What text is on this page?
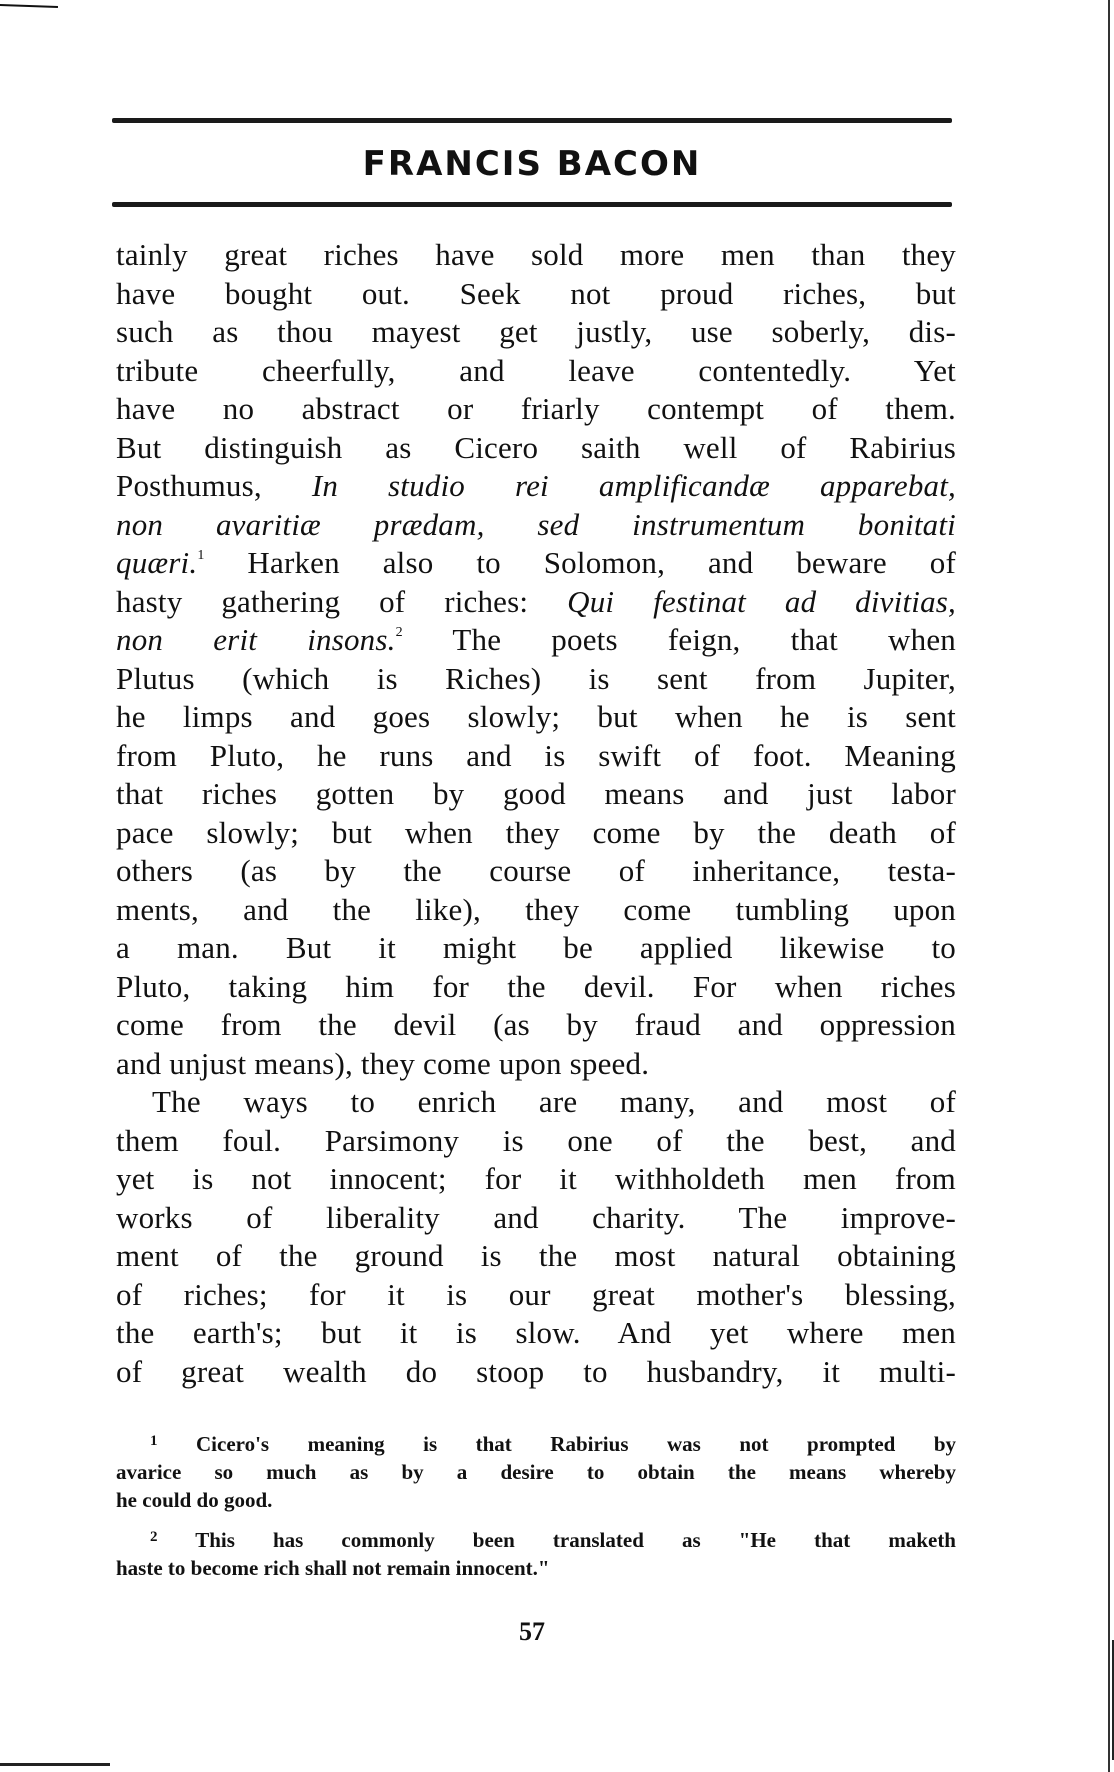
FRANCIS BACON
tainly great riches have sold more men than they
have bought out. Seek not proud riches, but
such as thou mayest get justly, use soberly, dis-
tribute cheerfully, and leave contentedly. Yet
have no abstract or friarly contempt of them.
But distinguish as Cicero saith well of Rabirius
Posthumus, In studio rei amplificandæ apparebat,
non avaritiæ prædam, sed instrumentum bonitati
quæri.$^1$ Harken also to Solomon, and beware of
hasty gathering of riches: Qui festinat ad divitias,
non erit insons.$^2$ The poets feign, that when
Plutus (which is Riches) is sent from Jupiter,
he limps and goes slowly; but when he is sent
from Pluto, he runs and is swift of foot. Meaning
that riches gotten by good means and just labor
pace slowly; but when they come by the death of
others (as by the course of inheritance, testa-
ments, and the like), they come tumbling upon
a man. But it might be applied likewise to
Pluto, taking him for the devil. For when riches
come from the devil (as by fraud and oppression
and unjust means), they come upon speed.
The ways to enrich are many, and most of
them foul. Parsimony is one of the best, and
yet is not innocent; for it withholdeth men from
works of liberality and charity. The improve-
ment of the ground is the most natural obtaining
of riches; for it is our great mother's blessing,
the earth's; but it is slow. And yet where men
of great wealth do stoop to husbandry, it multi-
$^1$ Cicero's meaning is that Rabirius was not prompted by
avarice so much as by a desire to obtain the means whereby
he could do good.
$^2$ This has commonly been translated as "He that maketh
haste to become rich shall not remain innocent."
57
